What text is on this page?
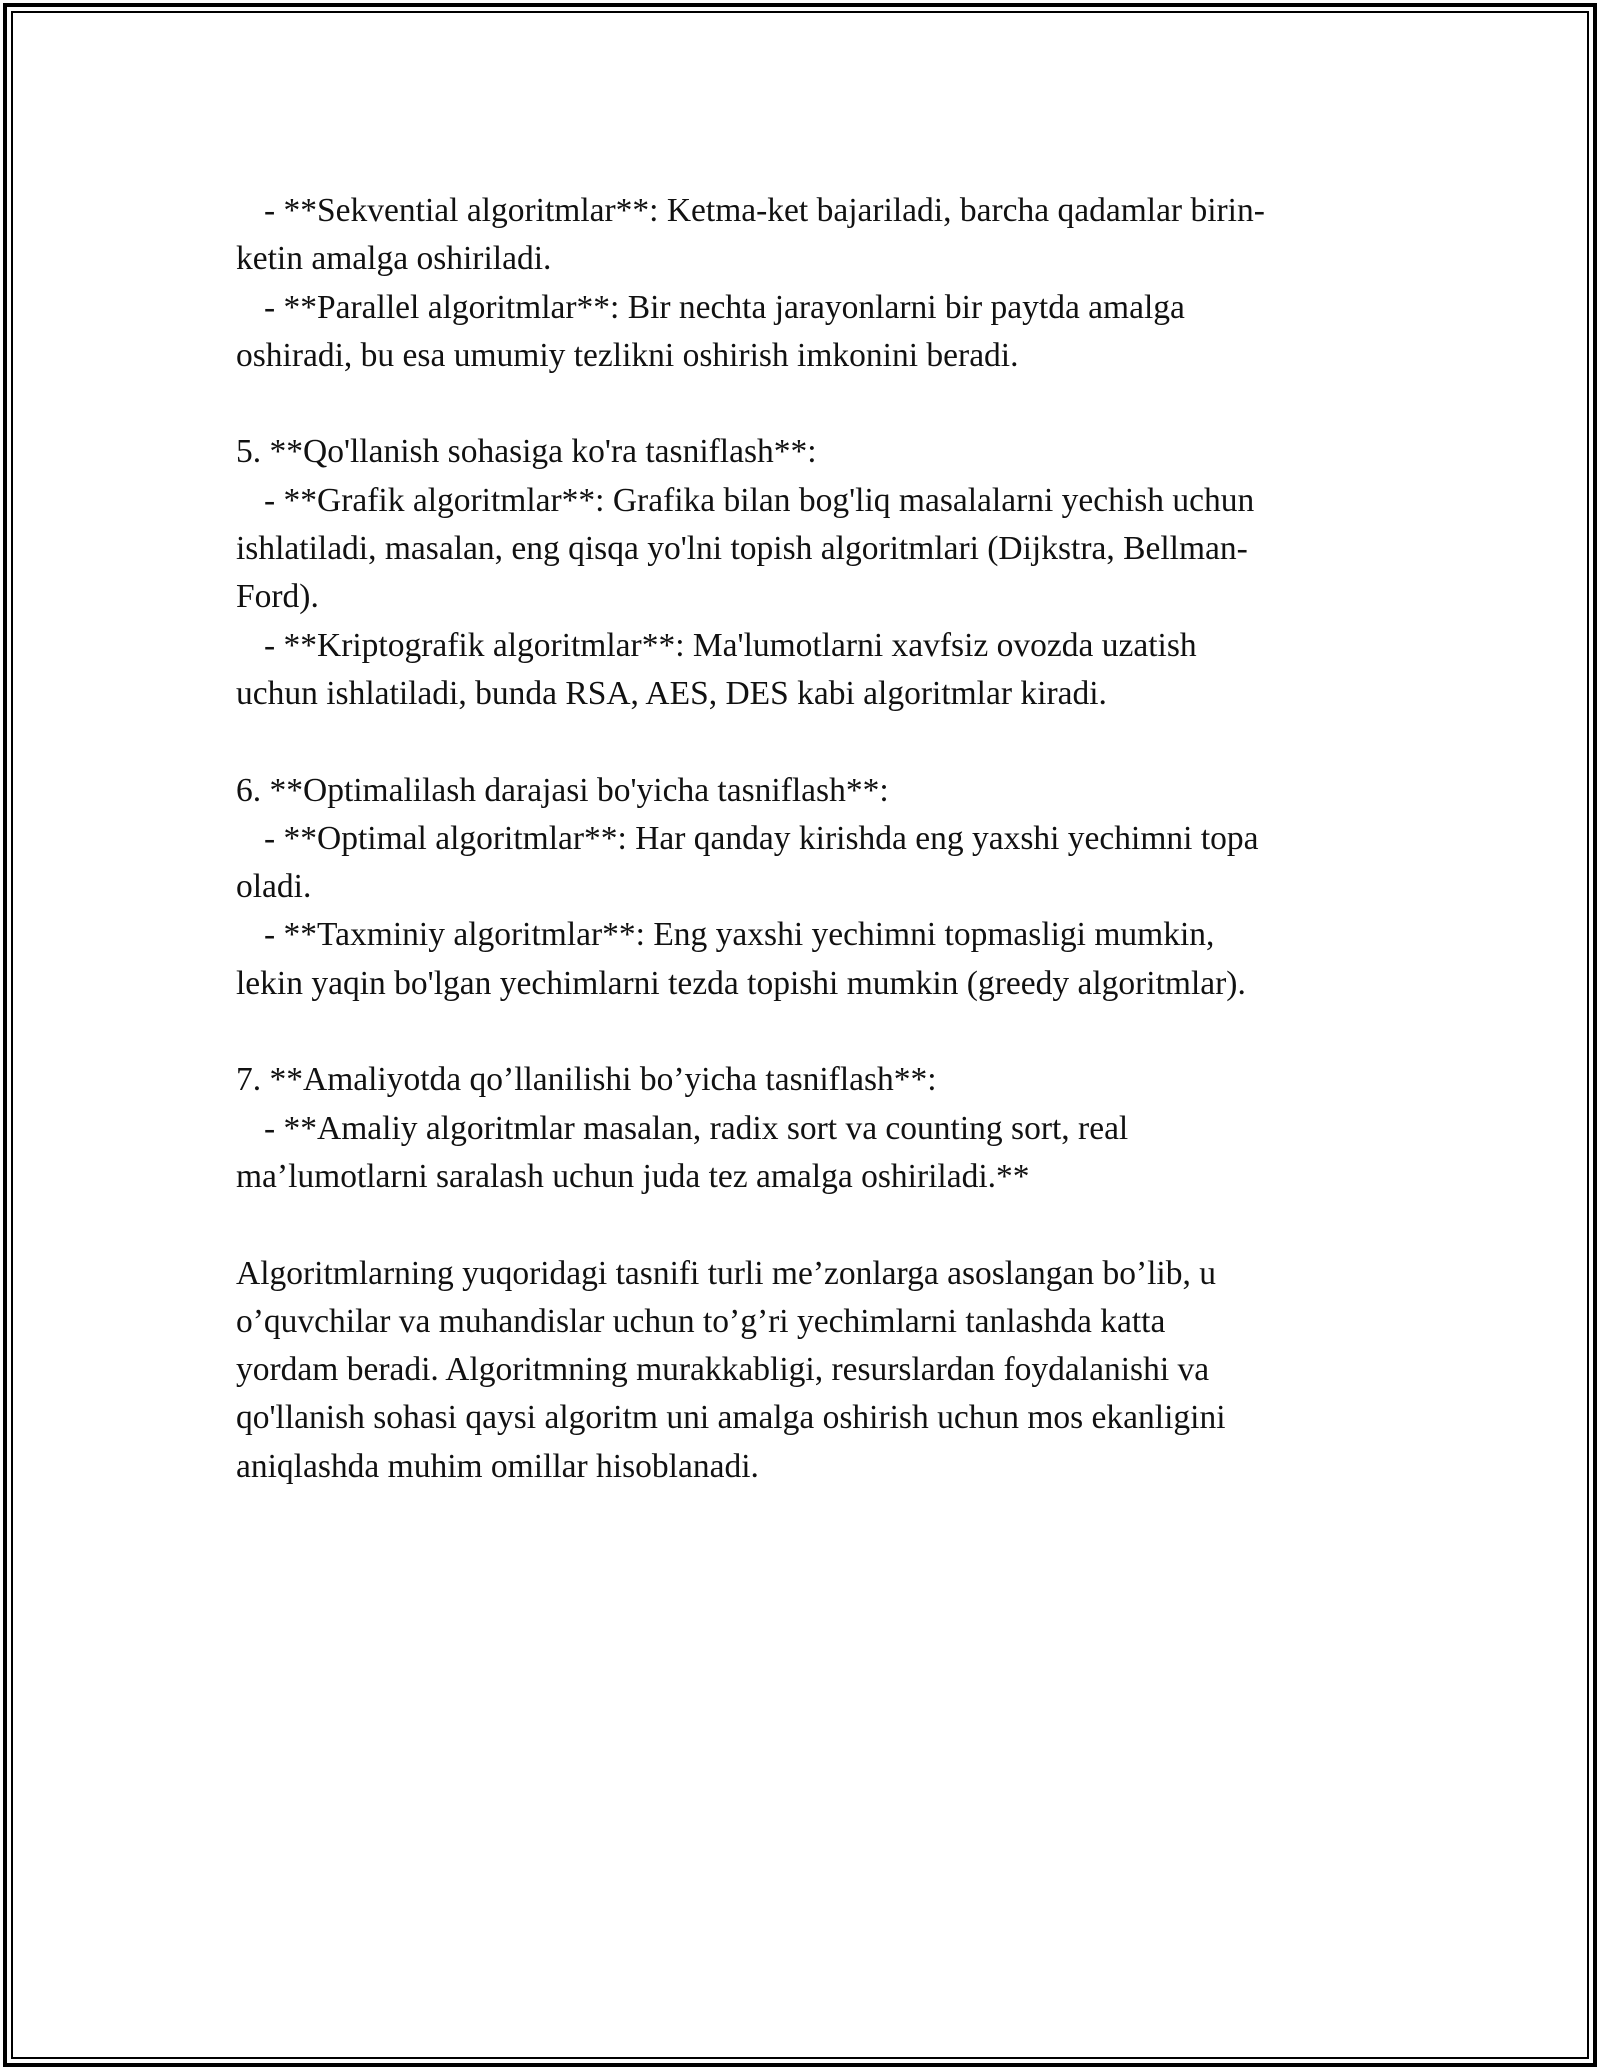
- **Sekvential algoritmlar**: Ketma-ket bajariladi, barcha qadamlar birin-
ketin amalga oshiriladi.
- **Parallel algoritmlar**: Bir nechta jarayonlarni bir paytda amalga
oshiradi, bu esa umumiy tezlikni oshirish imkonini beradi.
5. **Qo'llanish sohasiga ko'ra tasniflash**:
- **Grafik algoritmlar**: Grafika bilan bog'liq masalalarni yechish uchun
ishlatiladi, masalan, eng qisqa yo'lni topish algoritmlari (Dijkstra, Bellman-
Ford).
- **Kriptografik algoritmlar**: Ma'lumotlarni xavfsiz ovozda uzatish
uchun ishlatiladi, bunda RSA, AES, DES kabi algoritmlar kiradi.
6. **Optimalilash darajasi bo'yicha tasniflash**:
- **Optimal algoritmlar**: Har qanday kirishda eng yaxshi yechimni topa
oladi.
- **Taxminiy algoritmlar**: Eng yaxshi yechimni topmasligi mumkin,
lekin yaqin bo'lgan yechimlarni tezda topishi mumkin (greedy algoritmlar).
7. **Amaliyotda qo’llanilishi bo’yicha tasniflash**:
- **Amaliy algoritmlar masalan, radix sort va counting sort, real
ma’lumotlarni saralash uchun juda tez amalga oshiriladi.**
Algoritmlarning yuqoridagi tasnifi turli me’zonlarga asoslangan bo’lib, u
o’quvchilar va muhandislar uchun to’g’ri yechimlarni tanlashda katta
yordam beradi. Algoritmning murakkabligi, resurslardan foydalanishi va
qo'llanish sohasi qaysi algoritm uni amalga oshirish uchun mos ekanligini
aniqlashda muhim omillar hisoblanadi.
